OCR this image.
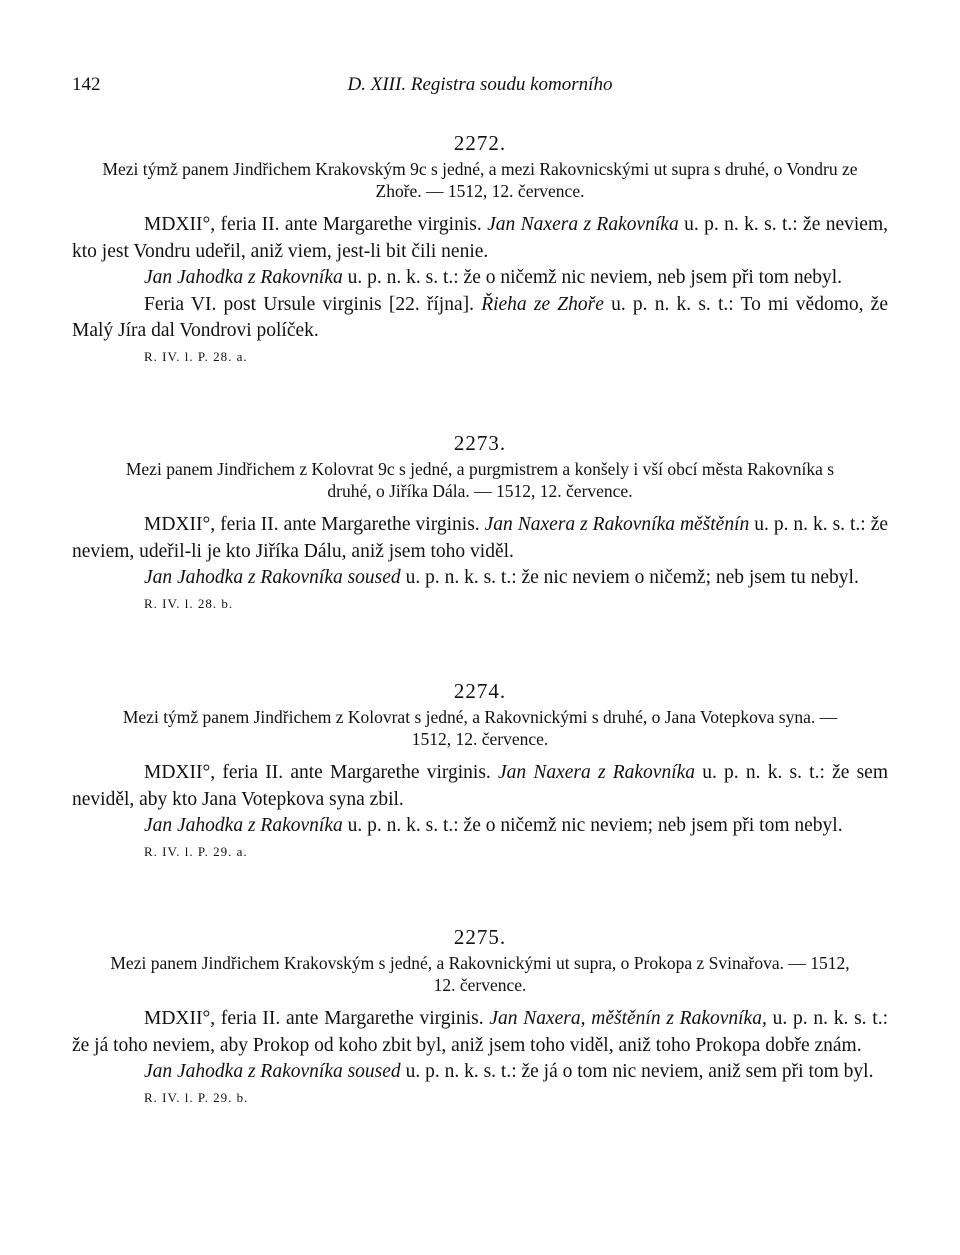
142	D. XIII. Registra soudu komorního
2272.
Mezi týmž panem Jindřichem Krakovským 9c s jedné, a mezi Rakovnicskými ut supra s druhé, o Vondru ze Zhoře. — 1512, 12. července.

MDXII°, feria II. ante Margarethe virginis. Jan Naxera z Rakovníka u. p. n. k. s. t.: že neviem, kto jest Vondru udeřil, aniž viem, jest-li bit čili nenie.

Jan Jahodka z Rakovníka u. p. n. k. s. t.: že o ničemž nic neviem, neb jsem při tom nebyl.

Feria VI. post Ursule virginis [22. října]. Řieha ze Zhoře u. p. n. k. s. t.: To mi vědomo, že Malý Jíra dal Vondrovi políček.

R. IV. l. P. 28. a.
2273.
Mezi panem Jindřichem z Kolovrat 9c s jedné, a purgmistrem a konšely i vší obcí města Rakovníka s druhé, o Jiříka Dála. — 1512, 12. července.

MDXII°, feria II. ante Margarethe virginis. Jan Naxera z Rakovníka měštěnín u. p. n. k. s. t.: že neviem, udeřil-li je kto Jiříka Dálu, aniž jsem toho viděl.

Jan Jahodka z Rakovníka soused u. p. n. k. s. t.: že nic neviem o ničemž; neb jsem tu nebyl.

R. IV. l. 28. b.
2274.
Mezi týmž panem Jindřichem z Kolovrat s jedné, a Rakovnickými s druhé, o Jana Votepkova syna. — 1512, 12. července.

MDXII°, feria II. ante Margarethe virginis. Jan Naxera z Rakovníka u. p. n. k. s. t.: že sem neviděl, aby kto Jana Votepkova syna zbil.

Jan Jahodka z Rakovníka u. p. n. k. s. t.: že o ničemž nic neviem; neb jsem při tom nebyl.

R. IV. l. P. 29. a.
2275.
Mezi panem Jindřichem Krakovským s jedné, a Rakovnickými ut supra, o Prokopa z Svinařova. — 1512, 12. července.

MDXII°, feria II. ante Margarethe virginis. Jan Naxera, měštěnín z Rakovníka, u. p. n. k. s. t.: že já toho neviem, aby Prokop od koho zbit byl, aniž jsem toho viděl, aniž toho Prokopa dobře znám.

Jan Jahodka z Rakovníka soused u. p. n. k. s. t.: že já o tom nic neviem, aniž sem při tom byl.

R. IV. l. P. 29. b.
